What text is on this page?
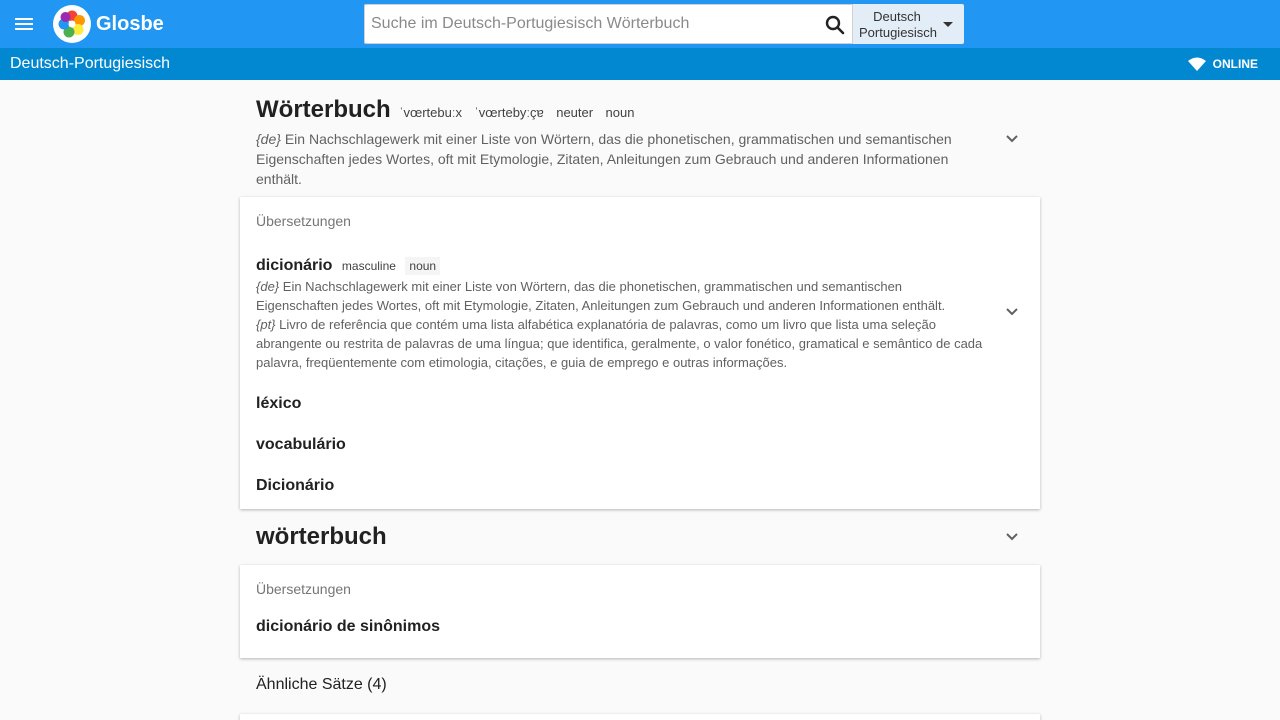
Glosbe
Suche im Deutsch-Portugiesisch Wörterbuch	Deutsch
Portugiesisch
Deutsch-Portugiesisch	ONLINE
Wörterbuch ˈvœrtebuːx ˈvœrtebyːçɐ neuter noun
{de} Ein Nachschlagewerk mit einer Liste von Wörtern, das die phonetischen, grammatischen und semantischen Eigenschaften jedes Wortes, oft mit Etymologie, Zitaten, Anleitungen zum Gebrauch und anderen Informationen enthält.
Übersetzungen
dicionário masculine noun
{de} Ein Nachschlagewerk mit einer Liste von Wörtern, das die phonetischen, grammatischen und semantischen Eigenschaften jedes Wortes, oft mit Etymologie, Zitaten, Anleitungen zum Gebrauch und anderen Informationen enthält.
{pt} Livro de referência que contém uma lista alfabética explanatória de palavras, como um livro que lista uma seleção abrangente ou restrita de palavras de uma língua; que identifica, geralmente, o valor fonético, gramatical e semântico de cada palavra, freqüentemente com etimologia, citações, e guia de emprego e outras informações.
léxico
vocabulário
Dicionário
wörterbuch
Übersetzungen
dicionário de sinônimos
Ähnliche Sätze (4)
